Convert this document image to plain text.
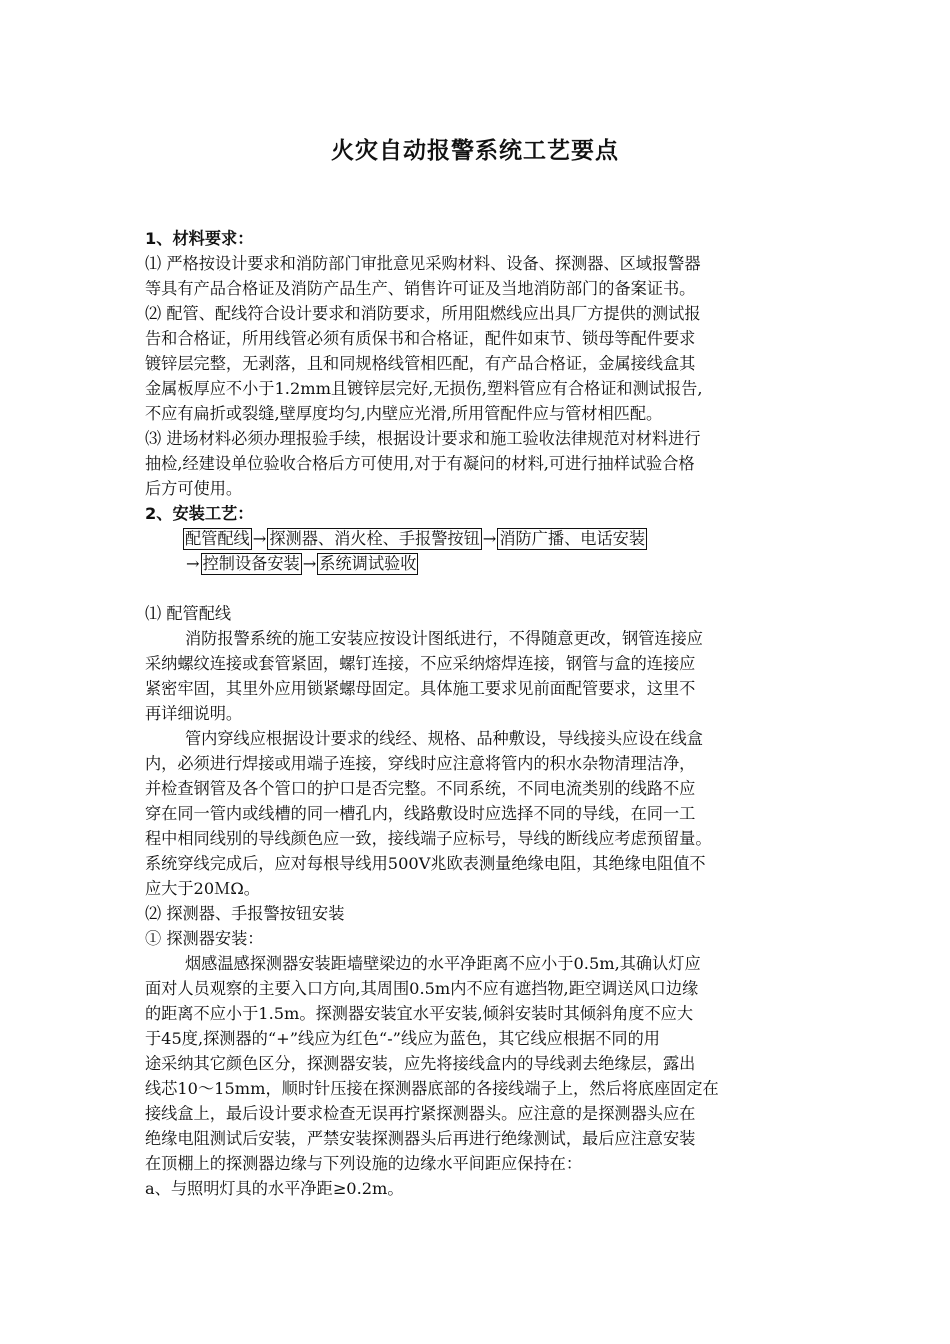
火灾自动报警系统工艺要点
1、材料要求：
⑴ 严格按设计要求和消防部门审批意见采购材料、设备、探测器、区域报警器
等具有产品合格证及消防产品生产、销售许可证及当地消防部门的备案证书。
⑵ 配管、配线符合设计要求和消防要求，所用阻燃线应出具厂方提供的测试报
告和合格证，所用线管必须有质保书和合格证，配件如束节、锁母等配件要求
镀锌层完整，无剥落，且和同规格线管相匹配，有产品合格证，金属接线盒其
金属板厚应不小于1.2mm且镀锌层完好,无损伤,塑料管应有合格证和测试报告,
不应有扁折或裂缝,壁厚度均匀,内壁应光滑,所用管配件应与管材相匹配。
⑶ 进场材料必须办理报验手续，根据设计要求和施工验收法律规范对材料进行
抽检,经建设单位验收合格后方可使用,对于有凝问的材料,可进行抽样试验合格
后方可使用。
2、安装工艺：
配管配线 → 探测器、消火栓、手报警按钮 → 消防广播、电话安装
→ 控制设备安装 → 系统调试验收
⑴ 配管配线
消防报警系统的施工安装应按设计图纸进行，不得随意更改，钢管连接应
采纳螺纹连接或套管紧固，螺钉连接，不应采纳熔焊连接，钢管与盒的连接应
紧密牢固，其里外应用锁紧螺母固定。具体施工要求见前面配管要求，这里不
再详细说明。
管内穿线应根据设计要求的线经、规格、品种敷设，导线接头应设在线盒
内，必须进行焊接或用端子连接，穿线时应注意将管内的积水杂物清理洁净，
并检查钢管及各个管口的护口是否完整。不同系统，不同电流类别的线路不应
穿在同一管内或线槽的同一槽孔内，线路敷设时应选择不同的导线，在同一工
程中相同线别的导线颜色应一致，接线端子应标号，导线的断线应考虑预留量。
系统穿线完成后，应对每根导线用500V兆欧表测量绝缘电阻，其绝缘电阻值不
应大于20ＭΩ。
⑵ 探测器、手报警按钮安装
① 探测器安装：
烟感温感探测器安装距墙壁梁边的水平净距离不应小于0.5m,其确认灯应
面对人员观察的主要入口方向,其周围0.5m内不应有遮挡物,距空调送风口边缘
的距离不应小于1.5m。探测器安装宜水平安装,倾斜安装时其倾斜角度不应大
于45度,探测器的“+”线应为红色“-”线应为蓝色，其它线应根据不同的用
途采纳其它颜色区分，探测器安装，应先将接线盒内的导线剥去绝缘层，露出
线芯10～15mm，顺时针压接在探测器底部的各接线端子上，然后将底座固定在
接线盒上，最后设计要求检查无误再拧紧探测器头。应注意的是探测器头应在
绝缘电阻测试后安装，严禁安装探测器头后再进行绝缘测试，最后应注意安装
在顶棚上的探测器边缘与下列设施的边缘水平间距应保持在：
a、与照明灯具的水平净距≥0.2m。
